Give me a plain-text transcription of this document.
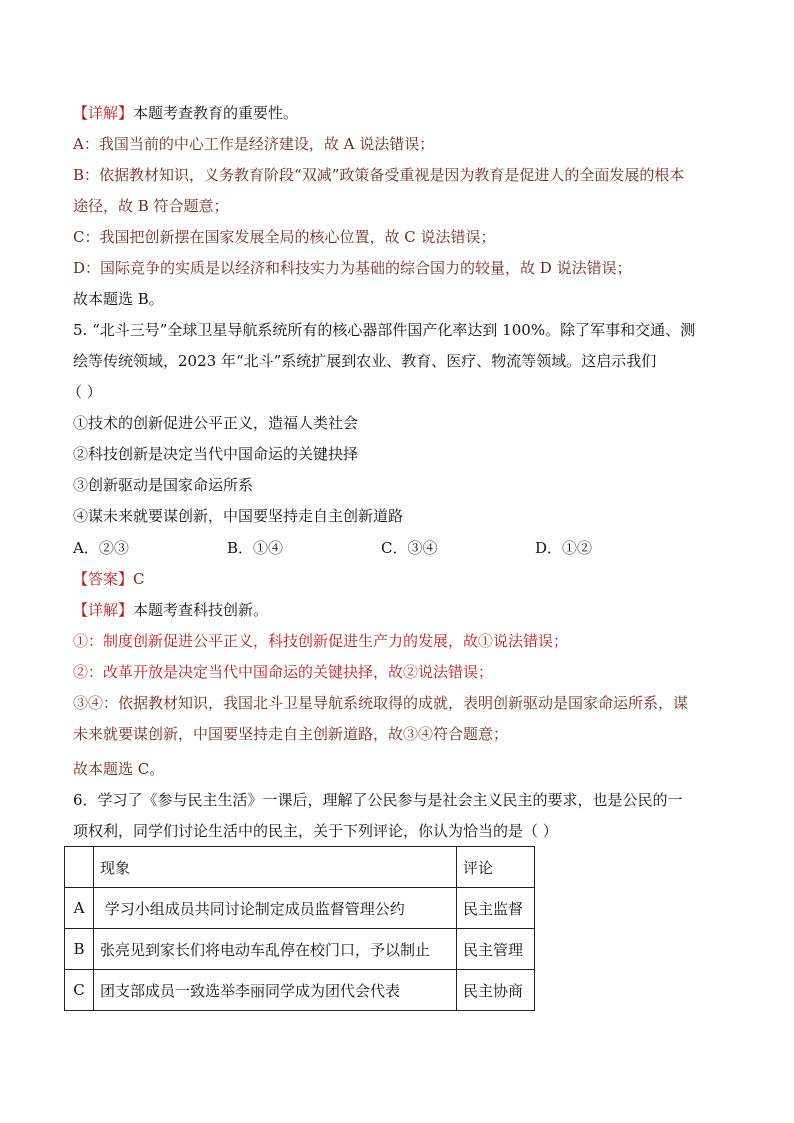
【详解】本题考查教育的重要性。
A：我国当前的中心工作是经济建设，故 A 说法错误；
B：依据教材知识，义务教育阶段“双减”政策备受重视是因为教育是促进人的全面发展的根本
途径，故 B 符合题意；
C：我国把创新摆在国家发展全局的核心位置，故 C 说法错误；
D：国际竞争的实质是以经济和科技实力为基础的综合国力的较量，故 D 说法错误；
故本题选 B。
5. “北斗三号”全球卫星导航系统所有的核心器部件国产化率达到 100%。除了军事和交通、测
绘等传统领域，2023 年“北斗”系统扩展到农业、教育、医疗、物流等领域。这启示我们
（ ）
①技术的创新促进公平正义，造福人类社会
②科技创新是决定当代中国命运的关键抉择
③创新驱动是国家命运所系
④谋未来就要谋创新，中国要坚持走自主创新道路
A．②③	B．①④	C．③④	D．①②
【答案】C
【详解】本题考查科技创新。
①：制度创新促进公平正义，科技创新促进生产力的发展，故①说法错误；
②：改革开放是决定当代中国命运的关键抉择，故②说法错误；
③④：依据教材知识，我国北斗卫星导航系统取得的成就，表明创新驱动是国家命运所系，谋
未来就要谋创新，中国要坚持走自主创新道路，故③④符合题意；
故本题选 C。
6．学习了《参与民主生活》一课后，理解了公民参与是社会主义民主的要求，也是公民的一
项权利，同学们讨论生活中的民主，关于下列评论，你认为恰当的是（ ）
	现象	评论
A	学习小组成员共同讨论制定成员监督管理公约	民主监督
B	张亮见到家长们将电动车乱停在校门口，予以制止	民主管理
C	团支部成员一致选举李丽同学成为团代会代表	民主协商
